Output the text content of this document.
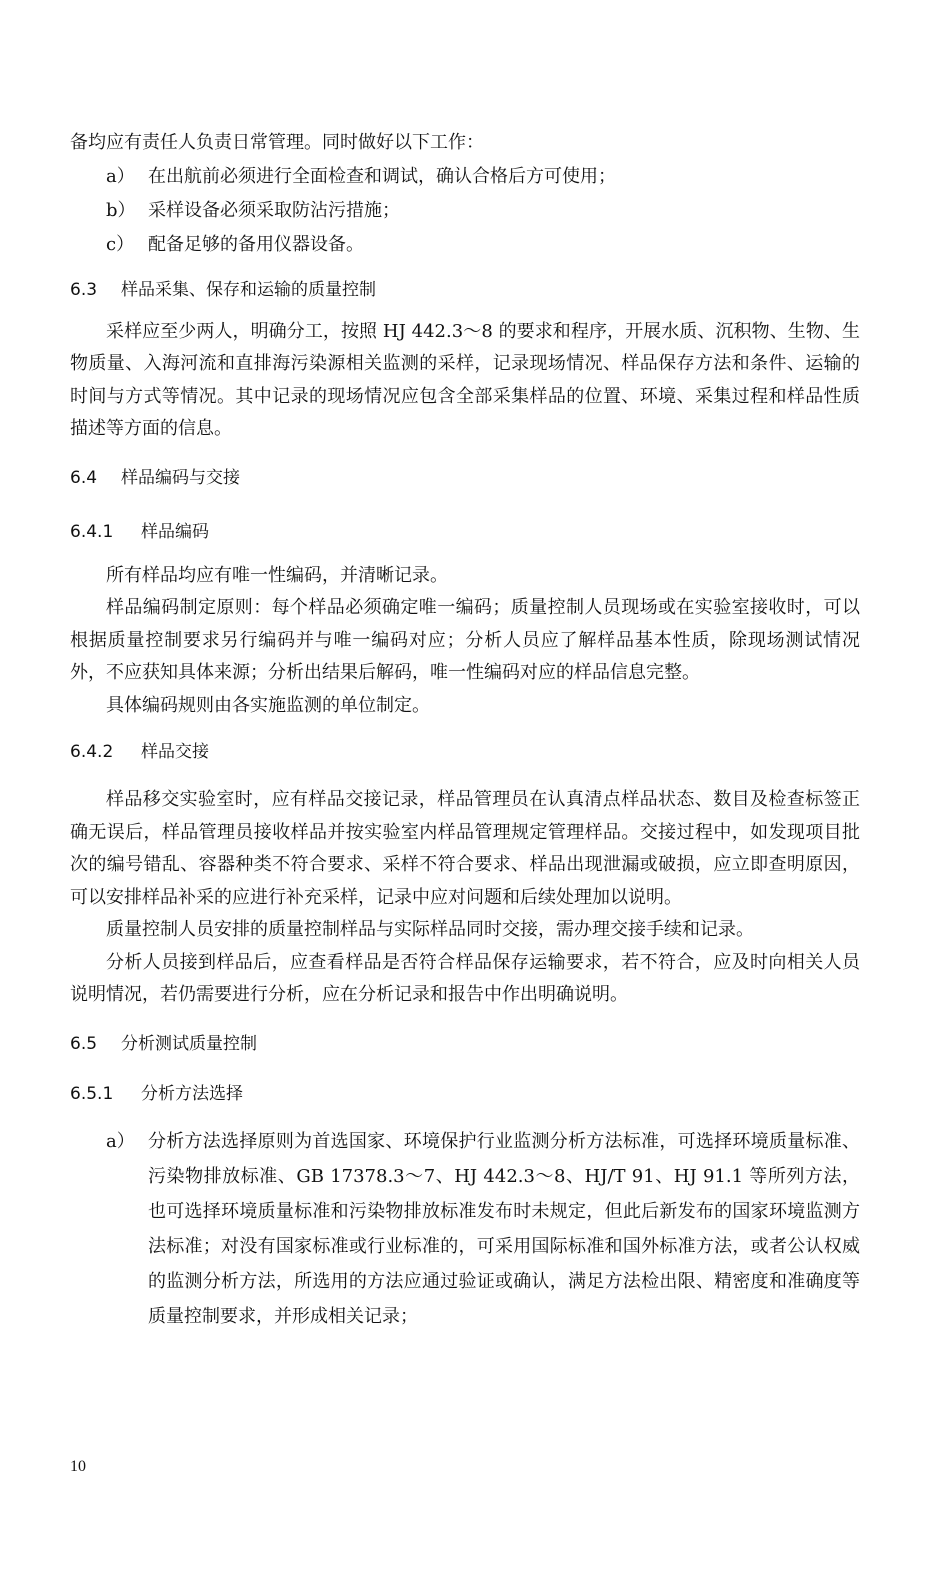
备均应有责任人负责日常管理。同时做好以下工作：

a） 在出航前必须进行全面检查和调试，确认合格后方可使用；
b） 采样设备必须采取防沾污措施；
c） 配备足够的备用仪器设备。
6.3	样品采集、保存和运输的质量控制

采样应至少两人，明确分工，按照 HJ 442.3～8 的要求和程序，开展水质、沉积物、生物、生物质量、入海河流和直排海污染源相关监测的采样，记录现场情况、样品保存方法和条件、运输的时间与方式等情况。其中记录的现场情况应包含全部采集样品的位置、环境、采集过程和样品性质描述等方面的信息。

6.4	样品编码与交接
6.4.1	样品编码

所有样品均应有唯一性编码，并清晰记录。

样品编码制定原则：每个样品必须确定唯一编码；质量控制人员现场或在实验室接收时，可以根据质量控制要求另行编码并与唯一编码对应；分析人员应了解样品基本性质，除现场测试情况外，不应获知具体来源；分析出结果后解码，唯一性编码对应的样品信息完整。

具体编码规则由各实施监测的单位制定。

6.4.2	样品交接

样品移交实验室时，应有样品交接记录，样品管理员在认真清点样品状态、数目及检查标签正确无误后，样品管理员接收样品并按实验室内样品管理规定管理样品。交接过程中，如发现项目批次的编号错乱、容器种类不符合要求、采样不符合要求、样品出现泄漏或破损，应立即查明原因，可以安排样品补采的应进行补充采样，记录中应对问题和后续处理加以说明。

质量控制人员安排的质量控制样品与实际样品同时交接，需办理交接手续和记录。

分析人员接到样品后，应查看样品是否符合样品保存运输要求，若不符合，应及时向相关人员说明情况，若仍需要进行分析，应在分析记录和报告中作出明确说明。

6.5	分析测试质量控制
6.5.1	分析方法选择
a） 分析方法选择原则为首选国家、环境保护行业监测分析方法标准，可选择环境质量标准、污染物排放标准、GB 17378.3～7、HJ 442.3～8、HJ/T 91、HJ 91.1 等所列方法，也可选择环境质量标准和污染物排放标准发布时未规定，但此后新发布的国家环境监测方法标准；对没有国家标准或行业标准的，可采用国际标准和国外标准方法，或者公认权威的监测分析方法，所选用的方法应通过验证或确认，满足方法检出限、精密度和准确度等质量控制要求，并形成相关记录；
10
